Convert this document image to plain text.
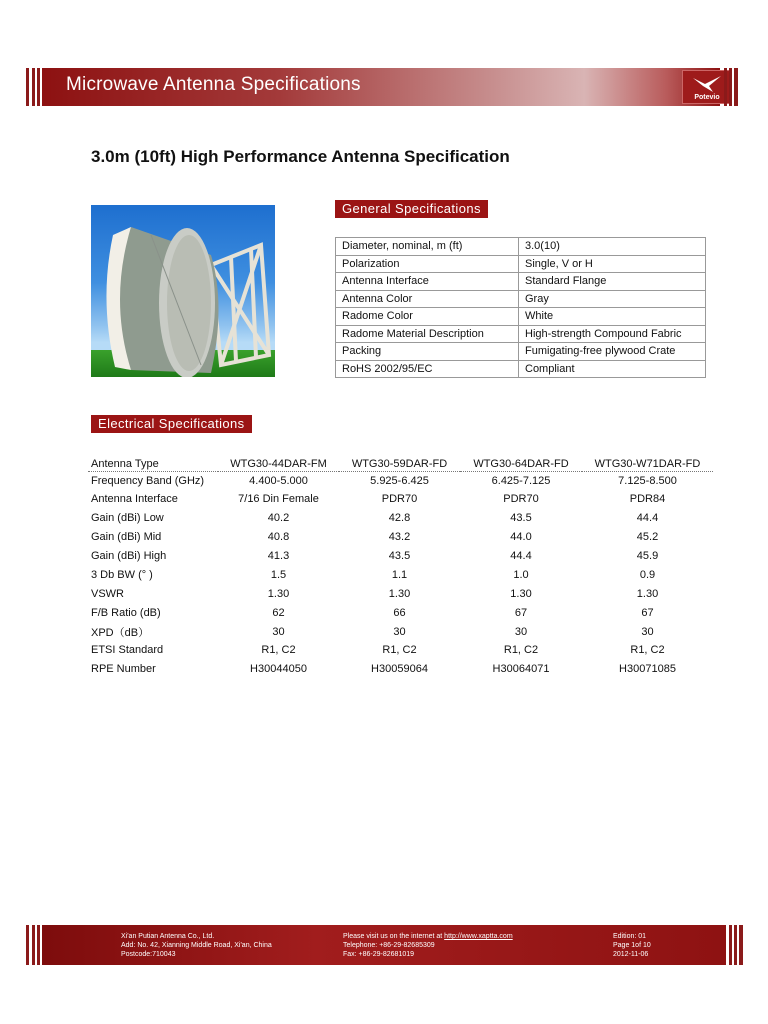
Microwave Antenna Specifications
Potevio
3.0m (10ft) High Performance Antenna Specification
General Specifications
Diameter, nominal, m (ft)	3.0(10)
Polarization	Single, V or H
Antenna Interface	Standard Flange
Antenna Color	Gray
Radome Color	White
Radome Material Description	High-strength Compound Fabric
Packing	Fumigating-free plywood Crate
RoHS 2002/95/EC	Compliant
Electrical Specifications
Antenna Type	WTG30-44DAR-FM	WTG30-59DAR-FD	WTG30-64DAR-FD	WTG30-W71DAR-FD
Frequency Band (GHz)	4.400-5.000	5.925-6.425	6.425-7.125	7.125-8.500
Antenna Interface	7/16 Din Female	PDR70	PDR70	PDR84
Gain (dBi) Low	40.2	42.8	43.5	44.4
Gain (dBi) Mid	40.8	43.2	44.0	45.2
Gain (dBi) High	41.3	43.5	44.4	45.9
3 Db BW (° )	1.5	1.1	1.0	0.9
VSWR	1.30	1.30	1.30	1.30
F/B Ratio (dB)	62	66	67	67
XPD（dB）	30	30	30	30
ETSI Standard	R1, C2	R1, C2	R1, C2	R1, C2
RPE Number	H30044050	H30059064	H30064071	H30071085
Xi'an Putian Antenna Co., Ltd.
Add: No. 42, Xianning Middle Road, Xi'an, China
Postcode:710043
Please visit us on the internet at http://www.xaptta.com
Telephone: +86-29-82685309
Fax: +86-29-82681019
Edition: 01
Page 1of 10
2012-11-06
